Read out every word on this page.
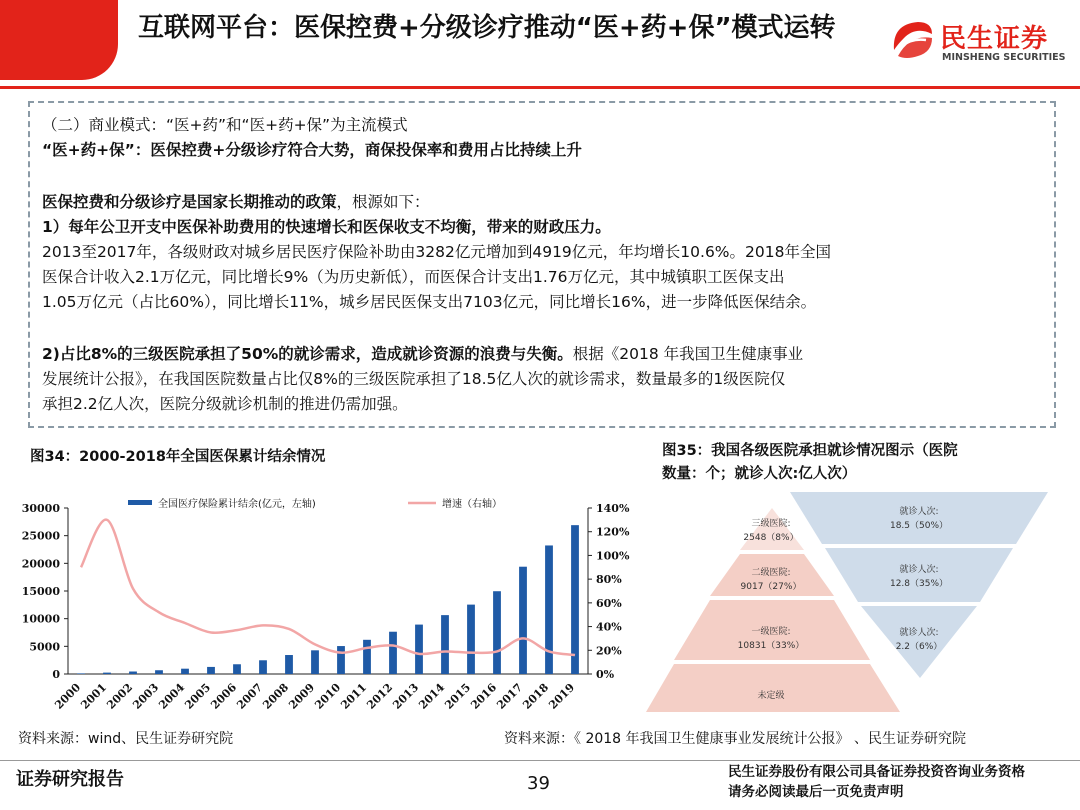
互联网平台：医保控费+分级诊疗推动“医+药+保”模式运转	民生证券
MINSHENG SECURITIES
（二）商业模式：“医+药”和“医+药+保”为主流模式
“医+药+保”：医保控费+分级诊疗符合大势，商保投保率和费用占比持续上升
医保控费和分级诊疗是国家长期推动的政策，根源如下：
1）每年公卫开支中医保补助费用的快速增长和医保收支不均衡，带来的财政压力。
2013至2017年，各级财政对城乡居民医疗保险补助由3282亿元增加到4919亿元，年均增长10.6%。2018年全国
医保合计收入2.1万亿元，同比增长9%（为历史新低），而医保合计支出1.76万亿元，其中城镇职工医保支出
1.05万亿元（占比60%），同比增长11%，城乡居民医保支出7103亿元，同比增长16%，进一步降低医保结余。
2)占比8%的三级医院承担了50%的就诊需求，造成就诊资源的浪费与失衡。根据《2018 年我国卫生健康事业
发展统计公报》，在我国医院数量占比仅8%的三级医院承担了18.5亿人次的就诊需求，数量最多的1级医院仅
承担2.2亿人次，医院分级就诊机制的推进仍需加强。
图34：2000-2018年全国医保累计结余情况
0
5000
10000
15000
20000
25000
30000
0%
20%
40%
60%
80%
100%
120%
140%
2000
2001
2002
2003
2004
2005
2006
2007
2008
2009
2010
2011
2012
2013
2014
2015
2016
2017
2018
2019
全国医疗保险累计结余(亿元，左轴)	增速（右轴）
资料来源：wind、民生证券研究院
图35：我国各级医院承担就诊情况图示（医院
数量：个；就诊人次:亿人次）
三级医院:
2548（8%）
二级医院:
9017（27%）
一级医院:
10831（33%）
未定级
就诊人次:
18.5（50%）
就诊人次:
12.8（35%）
就诊人次:
2.2（6%）
资料来源：《 2018 年我国卫生健康事业发展统计公报》 、民生证券研究院
证券研究报告	39
民生证券股份有限公司具备证券投资咨询业务资格
请务必阅读最后一页免责声明
